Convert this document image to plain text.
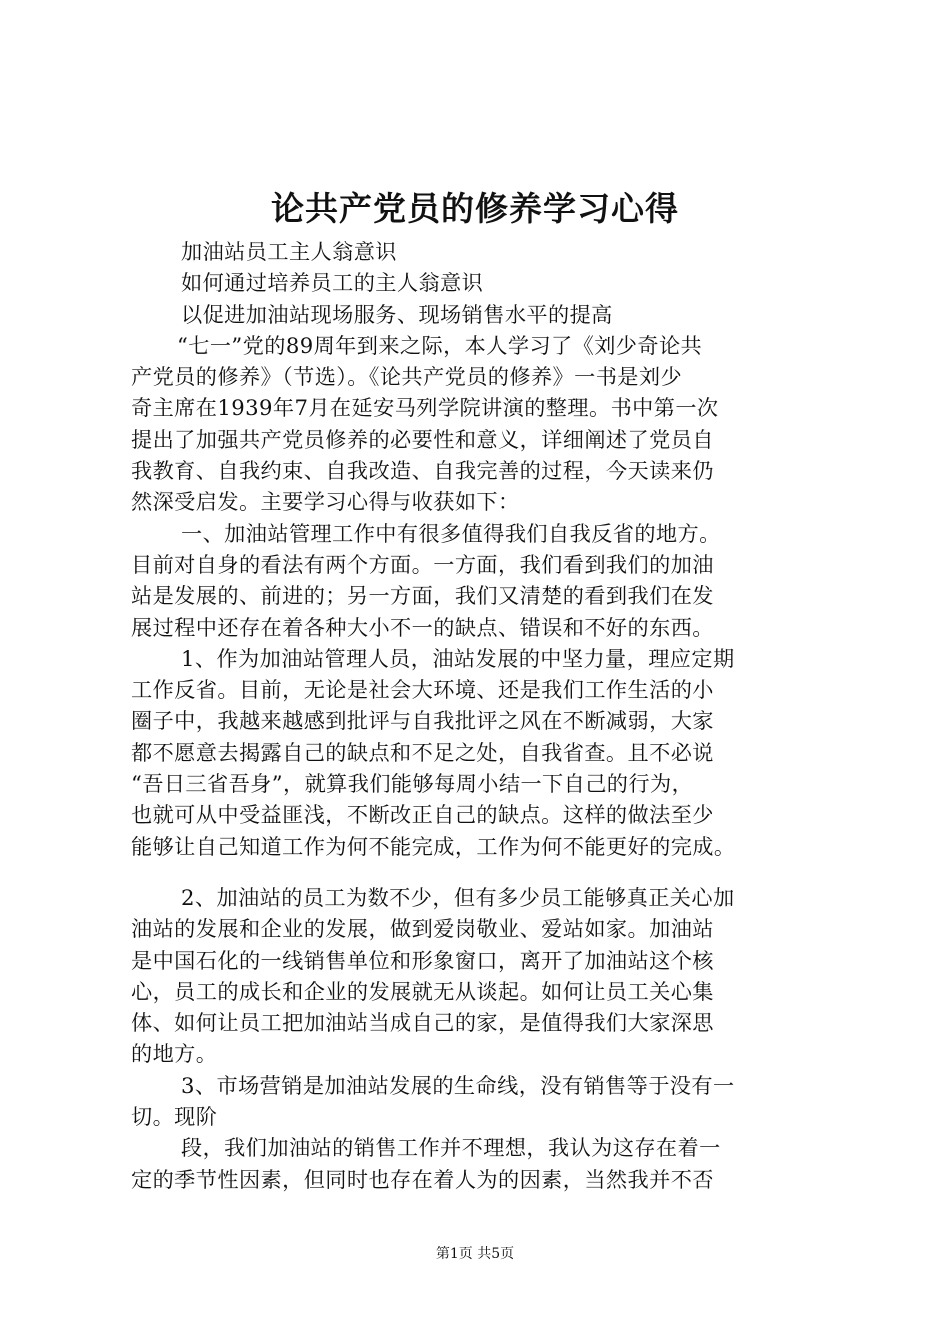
论共产党员的修养学习心得
加油站员工主人翁意识
如何通过培养员工的主人翁意识
以促进加油站现场服务、现场销售水平的提高
“七一”党的89周年到来之际，本人学习了《刘少奇论共
产党员的修养》（节选）。《论共产党员的修养》一书是刘少
奇主席在1939年7月在延安马列学院讲演的整理。书中第一次
提出了加强共产党员修养的必要性和意义，详细阐述了党员自
我教育、自我约束、自我改造、自我完善的过程，今天读来仍
然深受启发。主要学习心得与收获如下：
一、加油站管理工作中有很多值得我们自我反省的地方。
目前对自身的看法有两个方面。一方面，我们看到我们的加油
站是发展的、前进的；另一方面，我们又清楚的看到我们在发
展过程中还存在着各种大小不一的缺点、错误和不好的东西。
1、作为加油站管理人员，油站发展的中坚力量，理应定期
工作反省。目前，无论是社会大环境、还是我们工作生活的小
圈子中，我越来越感到批评与自我批评之风在不断减弱，大家
都不愿意去揭露自己的缺点和不足之处，自我省查。且不必说
“吾日三省吾身”，就算我们能够每周小结一下自己的行为，
也就可从中受益匪浅，不断改正自己的缺点。这样的做法至少
能够让自己知道工作为何不能完成，工作为何不能更好的完成。
2、加油站的员工为数不少，但有多少员工能够真正关心加
油站的发展和企业的发展，做到爱岗敬业、爱站如家。加油站
是中国石化的一线销售单位和形象窗口，离开了加油站这个核
心，员工的成长和企业的发展就无从谈起。如何让员工关心集
体、如何让员工把加油站当成自己的家，是值得我们大家深思
的地方。
3、市场营销是加油站发展的生命线，没有销售等于没有一
切。现阶
段，我们加油站的销售工作并不理想，我认为这存在着一
定的季节性因素，但同时也存在着人为的因素，当然我并不否
第1页 共5页
